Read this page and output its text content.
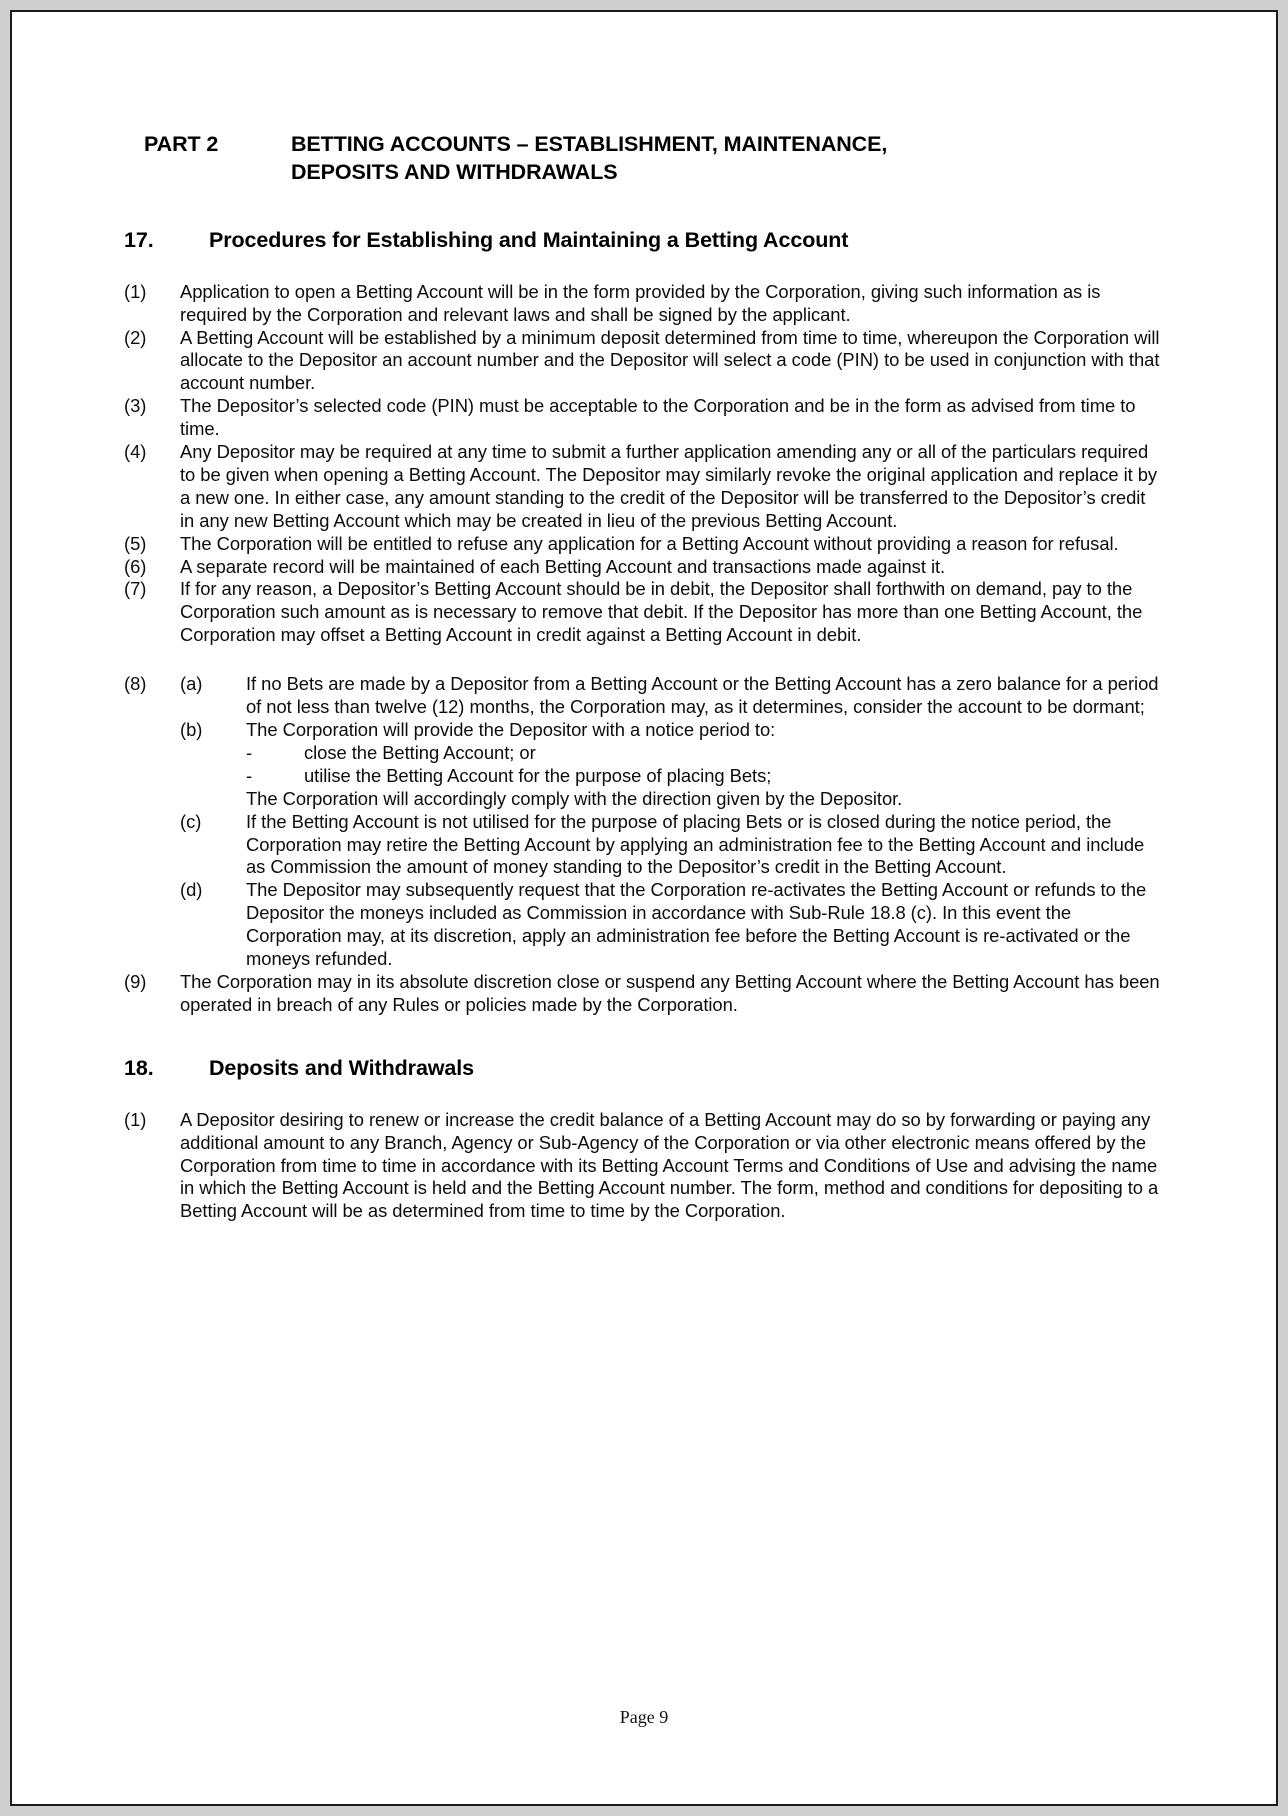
PART 2	BETTING ACCOUNTS – ESTABLISHMENT, MAINTENANCE,
DEPOSITS AND WITHDRAWALS
17.	Procedures for Establishing and Maintaining a Betting Account
(1)	Application to open a Betting Account will be in the form provided by the Corporation, giving such information as is required by the Corporation and relevant laws and shall be signed by the applicant.
(2)	A Betting Account will be established by a minimum deposit determined from time to time, whereupon the Corporation will allocate to the Depositor an account number and the Depositor will select a code (PIN) to be used in conjunction with that account number.
(3)	The Depositor’s selected code (PIN) must be acceptable to the Corporation and be in the form as advised from time to time.
(4)	Any Depositor may be required at any time to submit a further application amending any or all of the particulars required to be given when opening a Betting Account. The Depositor may similarly revoke the original application and replace it by a new one. In either case, any amount standing to the credit of the Depositor will be transferred to the Depositor’s credit in any new Betting Account which may be created in lieu of the previous Betting Account.
(5)	The Corporation will be entitled to refuse any application for a Betting Account without providing a reason for refusal.
(6)	A separate record will be maintained of each Betting Account and transactions made against it.
(7)	If for any reason, a Depositor’s Betting Account should be in debit, the Depositor shall forthwith on demand, pay to the Corporation such amount as is necessary to remove that debit. If the Depositor has more than one Betting Account, the Corporation may offset a Betting Account in credit against a Betting Account in debit.
(8)	(a)	If no Bets are made by a Depositor from a Betting Account or the Betting Account has a zero balance for a period of not less than twelve (12) months, the Corporation may, as it determines, consider the account to be dormant;
(b)	The Corporation will provide the Depositor with a notice period to:
-	close the Betting Account; or
-	utilise the Betting Account for the purpose of placing Bets;
The Corporation will accordingly comply with the direction given by the Depositor.
(c)	If the Betting Account is not utilised for the purpose of placing Bets or is closed during the notice period, the Corporation may retire the Betting Account by applying an administration fee to the Betting Account and include as Commission the amount of money standing to the Depositor’s credit in the Betting Account.
(d)	The Depositor may subsequently request that the Corporation re-activates the Betting Account or refunds to the Depositor the moneys included as Commission in accordance with Sub-Rule 18.8 (c). In this event the Corporation may, at its discretion, apply an administration fee before the Betting Account is re-activated or the moneys refunded.
(9)	The Corporation may in its absolute discretion close or suspend any Betting Account where the Betting Account has been operated in breach of any Rules or policies made by the Corporation.
18.	Deposits and Withdrawals
(1)	A Depositor desiring to renew or increase the credit balance of a Betting Account may do so by forwarding or paying any additional amount to any Branch, Agency or Sub-Agency of the Corporation or via other electronic means offered by the Corporation from time to time in accordance with its Betting Account Terms and Conditions of Use and advising the name in which the Betting Account is held and the Betting Account number. The form, method and conditions for depositing to a Betting Account will be as determined from time to time by the Corporation.
Page 9
